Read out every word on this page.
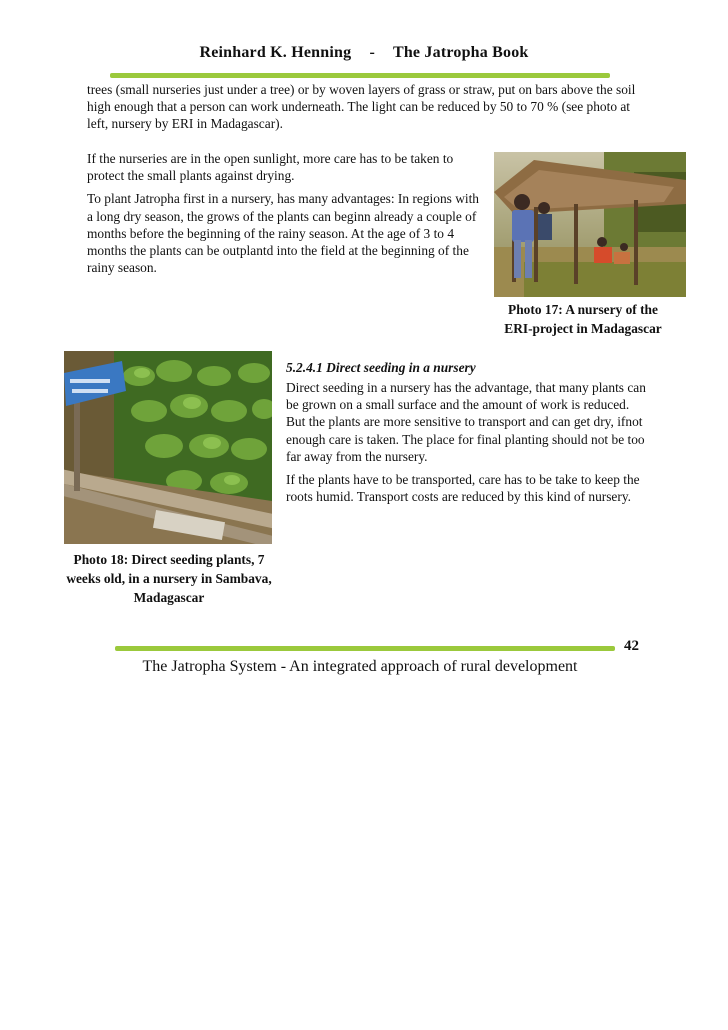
Reinhard K. Henning - The Jatropha Book

trees (small nurseries just under a tree) or by woven layers of grass or straw, put on bars above the soil high enough that a person can work underneath. The light can be reduced by 50 to 70 % (see photo at left, nursery by ERI in Madagascar).

If the nurseries are in the open sunlight, more care has to be taken to protect the small plants against drying.

To plant Jatropha first in a nursery, has many advantages: In regions with a long dry season, the grows of the plants can beginn already a couple of months before the beginning of the rainy season. At the age of 3 to 4 months the plants can be outplantd into the field at the beginning of the rainy season.

Photo 17: A nursery of the ERI-project in Madagascar
Photo 18: Direct seeding plants, 7 weeks old, in a nursery in Sambava, Madagascar
5.2.4.1 Direct seeding in a nursery

Direct seeding in a nursery has the advantage, that many plants can be grown on a small surface and the amount of work is reduced. But the plants are more sensitive to transport and can get dry, ifnot enough care is taken. The place for final planting should not be too far away from the nursery.

If the plants have to be transported, care has to be take to keep the roots humid. Transport costs are reduced by this kind of nursery.

42
The Jatropha System - An integrated approach of rural development
